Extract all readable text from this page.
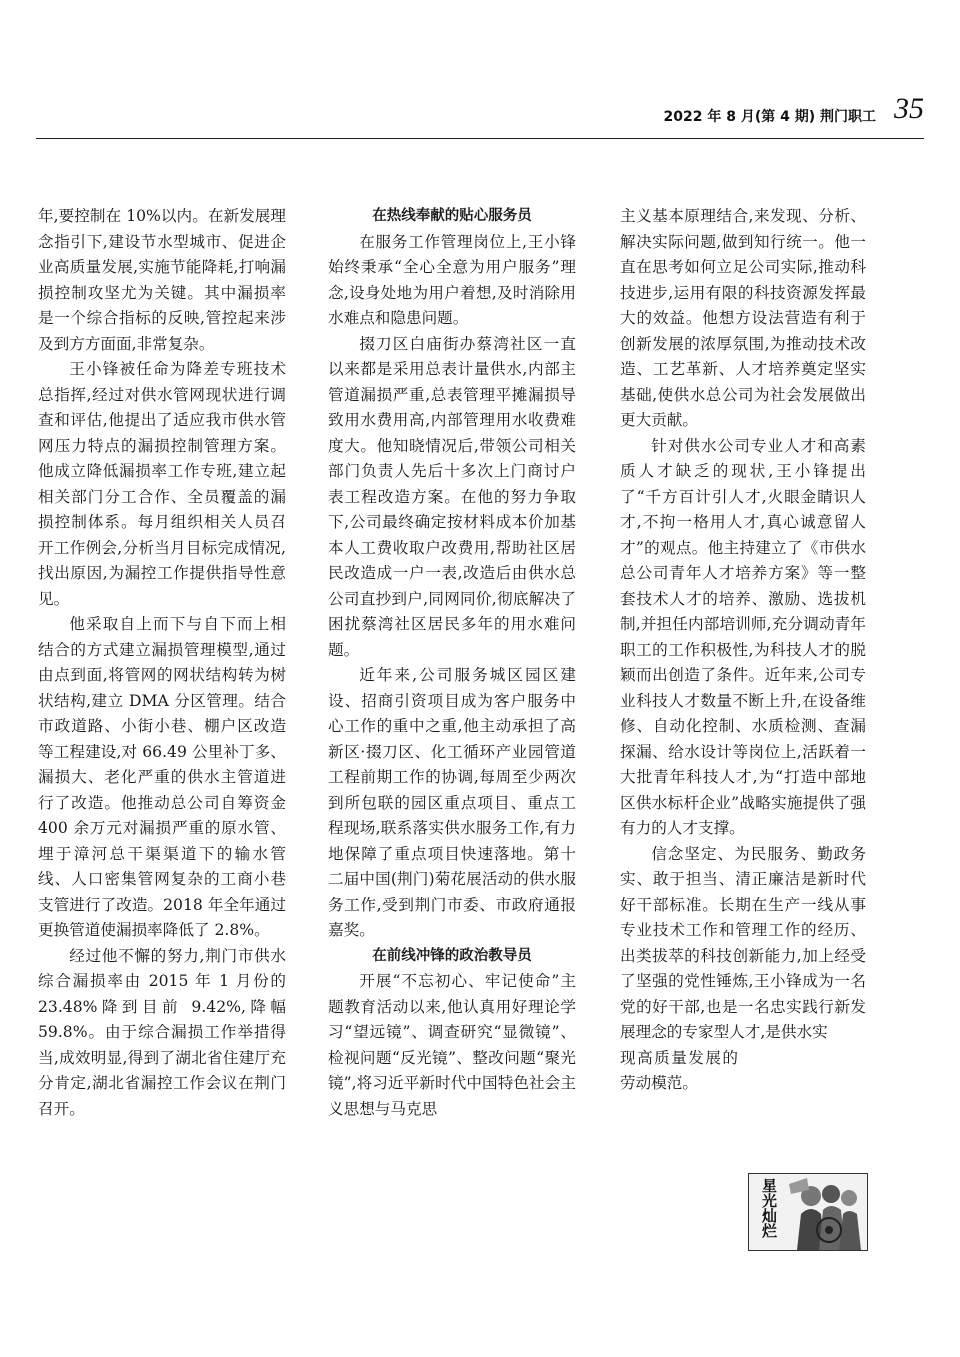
2022 年 8 月(第 4 期) 荆门职工 35

年,要控制在 10%以内。在新发展理念指引下,建设节水型城市、促进企业高质量发展,实施节能降耗,打响漏损控制攻坚尤为关键。其中漏损率是一个综合指标的反映,管控起来涉及到方方面面,非常复杂。

王小锋被任命为降差专班技术总指挥,经过对供水管网现状进行调查和评估,他提出了适应我市供水管网压力特点的漏损控制管理方案。他成立降低漏损率工作专班,建立起相关部门分工合作、全员覆盖的漏损控制体系。每月组织相关人员召开工作例会,分析当月目标完成情况,找出原因,为漏控工作提供指导性意见。

他采取自上而下与自下而上相结合的方式建立漏损管理模型,通过由点到面,将管网的网状结构转为树状结构,建立 DMA 分区管理。结合市政道路、小街小巷、棚户区改造等工程建设,对 66.49 公里补丁多、漏损大、老化严重的供水主管道进行了改造。他推动总公司自筹资金 400 余万元对漏损严重的原水管、埋于漳河总干渠渠道下的输水管线、人口密集管网复杂的工商小巷支管进行了改造。2018 年全年通过更换管道使漏损率降低了 2.8%。

经过他不懈的努力,荆门市供水综合漏损率由 2015 年 1 月份的 23.48%降到目前 9.42%,降幅 59.8%。由于综合漏损工作举措得当,成效明显,得到了湖北省住建厅充分肯定,湖北省漏控工作会议在荆门召开。

在热线奉献的贴心服务员

在服务工作管理岗位上,王小锋始终秉承“全心全意为用户服务”理念,设身处地为用户着想,及时消除用水难点和隐患问题。

掇刀区白庙街办蔡湾社区一直以来都是采用总表计量供水,内部主管道漏损严重,总表管理平摊漏损导致用水费用高,内部管理用水收费难度大。他知晓情况后,带领公司相关部门负责人先后十多次上门商讨户表工程改造方案。在他的努力争取下,公司最终确定按材料成本价加基本人工费收取户改费用,帮助社区居民改造成一户一表,改造后由供水总公司直抄到户,同网同价,彻底解决了困扰蔡湾社区居民多年的用水难问题。

近年来,公司服务城区园区建设、招商引资项目成为客户服务中心工作的重中之重,他主动承担了高新区·掇刀区、化工循环产业园管道工程前期工作的协调,每周至少两次到所包联的园区重点项目、重点工程现场,联系落实供水服务工作,有力地保障了重点项目快速落地。第十二届中国(荆门)菊花展活动的供水服务工作,受到荆门市委、市政府通报嘉奖。

在前线冲锋的政治教导员

开展“不忘初心、牢记使命”主题教育活动以来,他认真用好理论学习“望远镜”、调查研究“显微镜”、检视问题“反光镜”、整改问题“聚光镜”,将习近平新时代中国特色社会主义思想与马克思

主义基本原理结合,来发现、分析、解决实际问题,做到知行统一。他一直在思考如何立足公司实际,推动科技进步,运用有限的科技资源发挥最大的效益。他想方设法营造有利于创新发展的浓厚氛围,为推动技术改造、工艺革新、人才培养奠定坚实基础,使供水总公司为社会发展做出更大贡献。

针对供水公司专业人才和高素质人才缺乏的现状,王小锋提出了“千方百计引人才,火眼金睛识人才,不拘一格用人才,真心诚意留人才”的观点。他主持建立了《市供水总公司青年人才培养方案》等一整套技术人才的培养、激励、选拔机制,并担任内部培训师,充分调动青年职工的工作积极性,为科技人才的脱颖而出创造了条件。近年来,公司专业科技人才数量不断上升,在设备维修、自动化控制、水质检测、查漏探漏、给水设计等岗位上,活跃着一大批青年科技人才,为“打造中部地区供水标杆企业”战略实施提供了强有力的人才支撑。

信念坚定、为民服务、勤政务实、敢于担当、清正廉洁是新时代好干部标准。长期在生产一线从事专业技术工作和管理工作的经历、出类拔萃的科技创新能力,加上经受了坚强的党性锤炼,王小锋成为一名党的好干部,也是一名忠实践行新发展理念的专家型人才,是供水实

现高质量发展的劳动模范。

星光灿烂
